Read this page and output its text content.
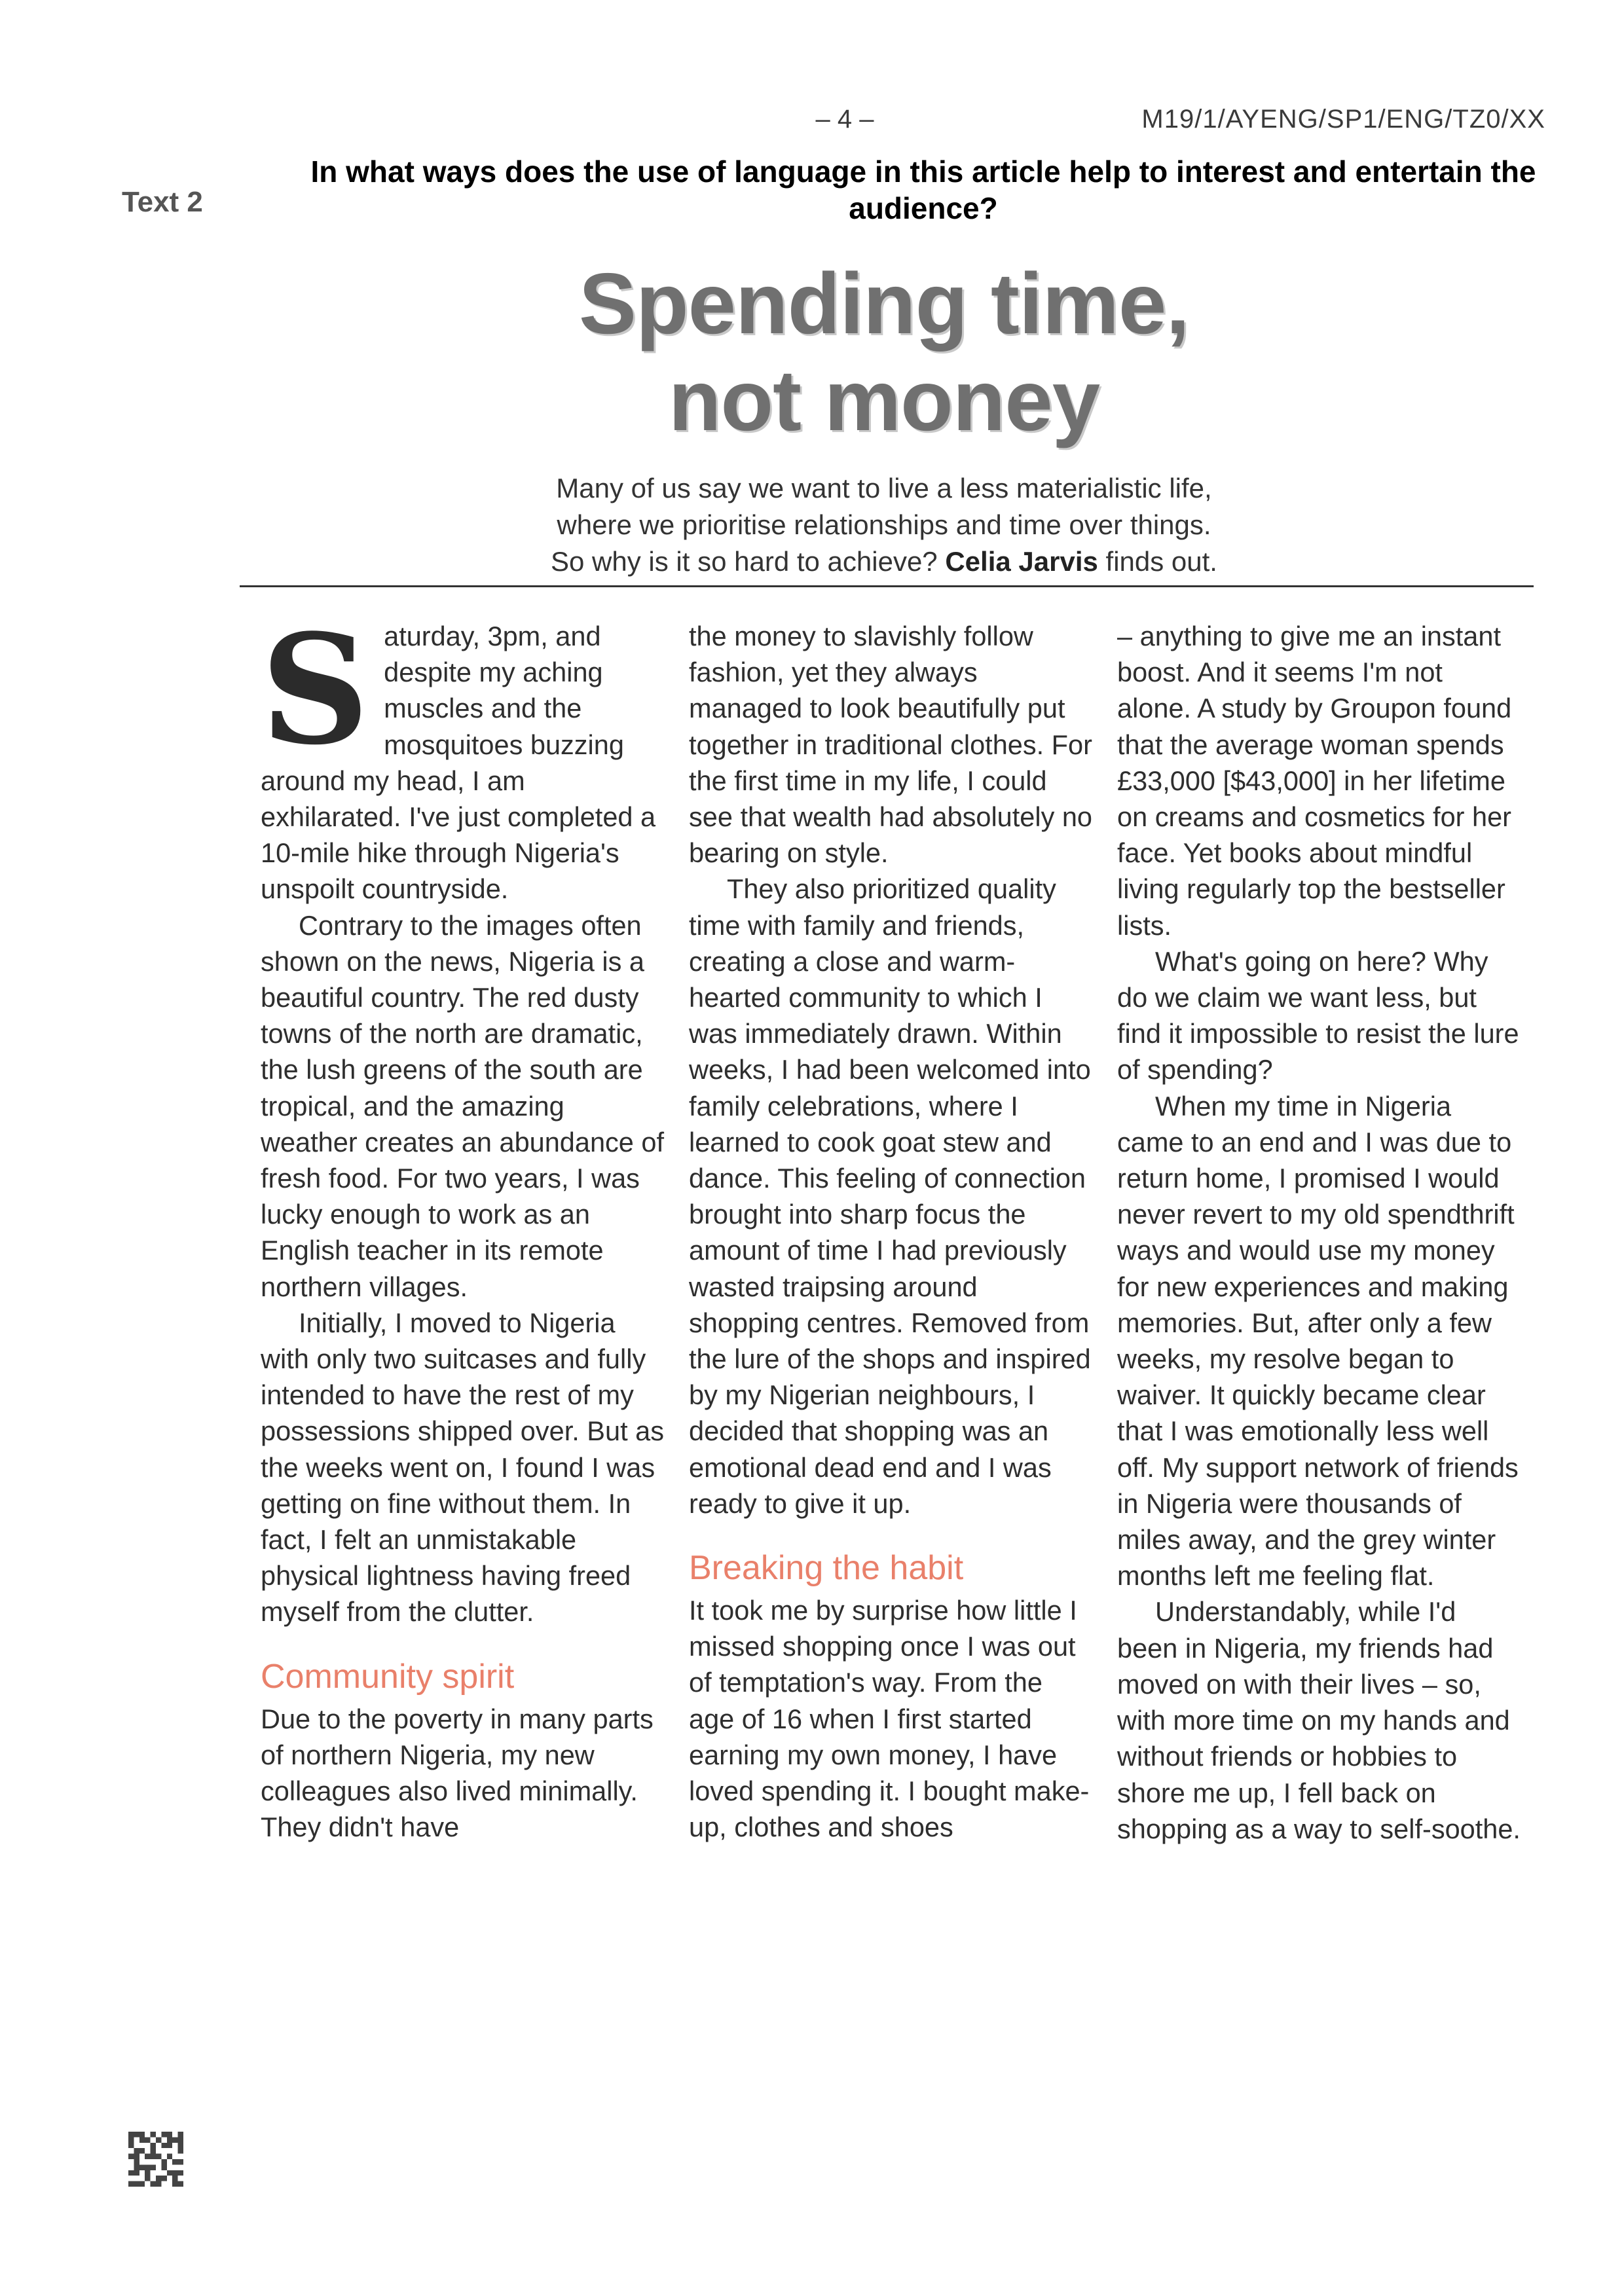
– 4 –	M19/1/AYENG/SP1/ENG/TZ0/XX
Text 2
In what ways does the use of language in this article help to interest and entertain the audience?
Spending time,
not money
Many of us say we want to live a less materialistic life,
where we prioritise relationships and time over things.
So why is it so hard to achieve? Celia Jarvis finds out.

Saturday, 3pm, and despite my aching muscles and the mosquitoes buzzing around my head, I am exhilarated. I've just completed a 10-mile hike through Nigeria's unspoilt countryside.

Contrary to the images often shown on the news, Nigeria is a beautiful country. The red dusty towns of the north are dramatic, the lush greens of the south are tropical, and the amazing weather creates an abundance of fresh food. For two years, I was lucky enough to work as an English teacher in its remote northern villages.

Initially, I moved to Nigeria with only two suitcases and fully intended to have the rest of my possessions shipped over. But as the weeks went on, I found I was getting on fine without them. In fact, I felt an unmistakable physical lightness having freed myself from the clutter.

Community spirit

Due to the poverty in many parts of northern Nigeria, my new colleagues also lived minimally. They didn't have

the money to slavishly follow fashion, yet they always managed to look beautifully put together in traditional clothes. For the first time in my life, I could see that wealth had absolutely no bearing on style.

They also prioritized quality time with family and friends, creating a close and warm-hearted community to which I was immediately drawn. Within weeks, I had been welcomed into family celebrations, where I learned to cook goat stew and dance. This feeling of connection brought into sharp focus the amount of time I had previously wasted traipsing around shopping centres. Removed from the lure of the shops and inspired by my Nigerian neighbours, I decided that shopping was an emotional dead end and I was ready to give it up.

Breaking the habit

It took me by surprise how little I missed shopping once I was out of temptation's way. From the age of 16 when I first started earning my own money, I have loved spending it. I bought make-up, clothes and shoes

– anything to give me an instant boost. And it seems I'm not alone. A study by Groupon found that the average woman spends £33,000 [$43,000] in her lifetime on creams and cosmetics for her face. Yet books about mindful living regularly top the bestseller lists.

What's going on here? Why do we claim we want less, but find it impossible to resist the lure of spending?

When my time in Nigeria came to an end and I was due to return home, I promised I would never revert to my old spendthrift ways and would use my money for new experiences and making memories. But, after only a few weeks, my resolve began to waiver. It quickly became clear that I was emotionally less well off. My support network of friends in Nigeria were thousands of miles away, and the grey winter months left me feeling flat.

Understandably, while I'd been in Nigeria, my friends had moved on with their lives – so, with more time on my hands and without friends or hobbies to shore me up, I fell back on shopping as a way to self-soothe.
